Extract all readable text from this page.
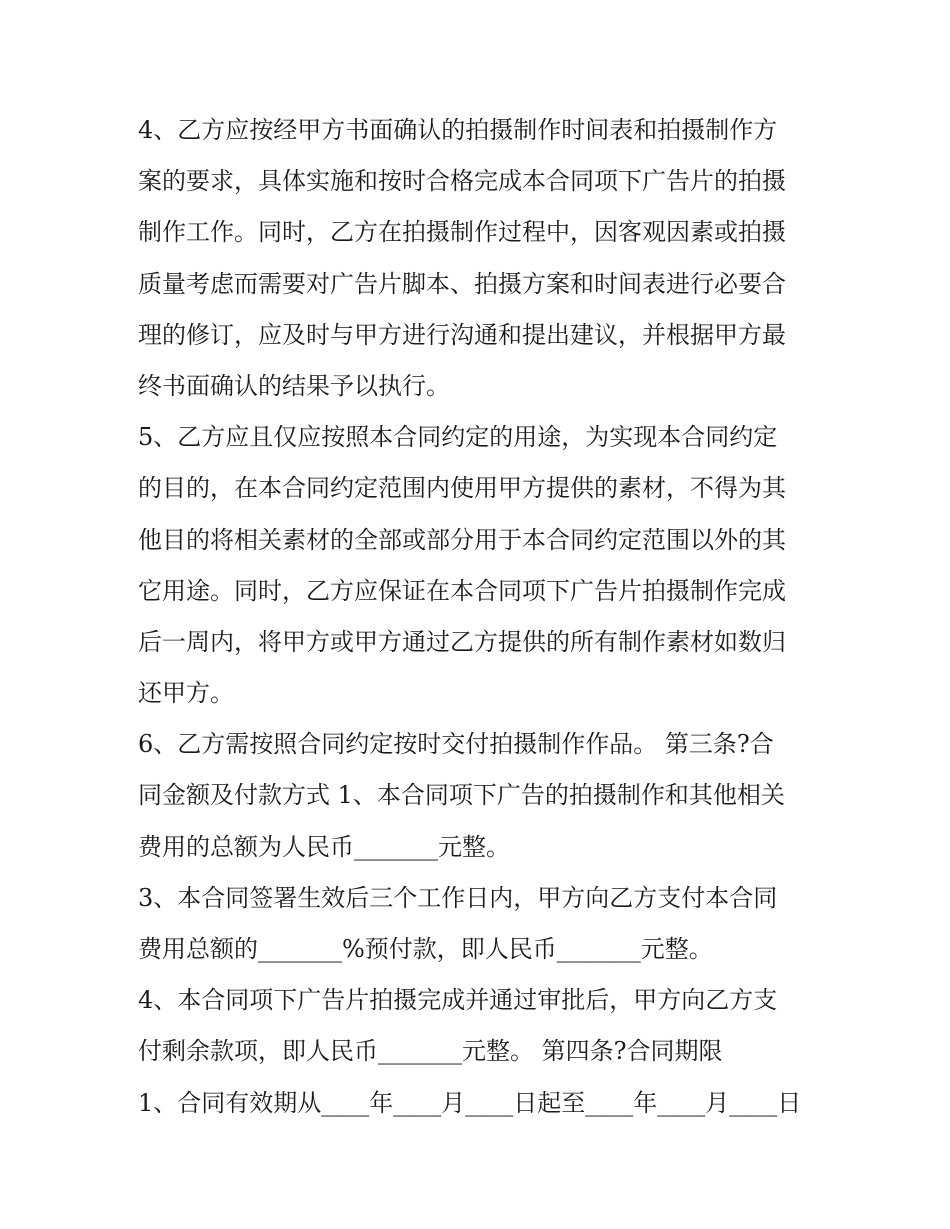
4、乙方应按经甲方书面确认的拍摄制作时间表和拍摄制作方
案的要求，具体实施和按时合格完成本合同项下广告片的拍摄
制作工作。同时，乙方在拍摄制作过程中，因客观因素或拍摄
质量考虑而需要对广告片脚本、拍摄方案和时间表进行必要合
理的修订，应及时与甲方进行沟通和提出建议，并根据甲方最
终书面确认的结果予以执行。
5、乙方应且仅应按照本合同约定的用途，为实现本合同约定
的目的，在本合同约定范围内使用甲方提供的素材，不得为其
他目的将相关素材的全部或部分用于本合同约定范围以外的其
它用途。同时，乙方应保证在本合同项下广告片拍摄制作完成
后一周内，将甲方或甲方通过乙方提供的所有制作素材如数归
还甲方。
6、乙方需按照合同约定按时交付拍摄制作作品。 第三条?合
同金额及付款方式 1、本合同项下广告的拍摄制作和其他相关
费用的总额为人民币_______元整。
3、本合同签署生效后三个工作日内，甲方向乙方支付本合同
费用总额的_______%预付款，即人民币_______元整。
4、本合同项下广告片拍摄完成并通过审批后，甲方向乙方支
付剩余款项，即人民币_______元整。 第四条?合同期限
1、合同有效期从____年____月____日起至____年____月____日
